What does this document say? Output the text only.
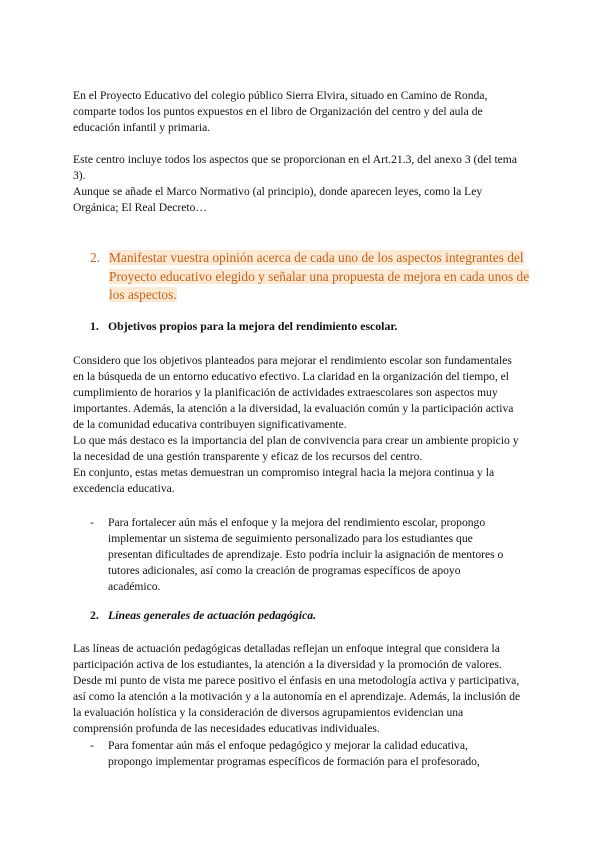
En el Proyecto Educativo del colegio público Sierra Elvira, situado en Camino de Ronda, comparte todos los puntos expuestos en el libro de Organización del centro y del aula de educación infantil y primaria.

Este centro incluye todos los aspectos que se proporcionan en el Art.21.3, del anexo 3 (del tema 3).

Aunque se añade el Marco Normativo (al principio), donde aparecen leyes, como la Ley Orgánica; El Real Decreto…

2. Manifestar vuestra opinión acerca de cada uno de los aspectos integrantes del Proyecto educativo elegido y señalar una propuesta de mejora en cada unos de los aspectos.
1. Objetivos propios para la mejora del rendimiento escolar.

Considero que los objetivos planteados para mejorar el rendimiento escolar son fundamentales en la búsqueda de un entorno educativo efectivo. La claridad en la organización del tiempo, el cumplimiento de horarios y la planificación de actividades extraescolares son aspectos muy importantes. Además, la atención a la diversidad, la evaluación común y la participación activa de la comunidad educativa contribuyen significativamente.

Lo que más destaco es la importancia del plan de convivencia para crear un ambiente propicio y la necesidad de una gestión transparente y eficaz de los recursos del centro.

En conjunto, estas metas demuestran un compromiso integral hacia la mejora continua y la excedencia educativa.

- Para fortalecer aún más el enfoque y la mejora del rendimiento escolar, propongo implementar un sistema de seguimiento personalizado para los estudiantes que presentan dificultades de aprendizaje. Esto podría incluir la asignación de mentores o tutores adicionales, así como la creación de programas específicos de apoyo académico.
2. Líneas generales de actuación pedagógica.

Las líneas de actuación pedagógicas detalladas reflejan un enfoque integral que considera la participación activa de los estudiantes, la atención a la diversidad y la promoción de valores. Desde mi punto de vista me parece positivo el énfasis en una metodología activa y participativa, así como la atención a la motivación y a la autonomía en el aprendizaje. Además, la inclusión de la evaluación holística y la consideración de diversos agrupamientos evidencian una comprensión profunda de las necesidades educativas individuales.

- Para fomentar aún más el enfoque pedagógico y mejorar la calidad educativa, propongo implementar programas específicos de formación para el profesorado,
